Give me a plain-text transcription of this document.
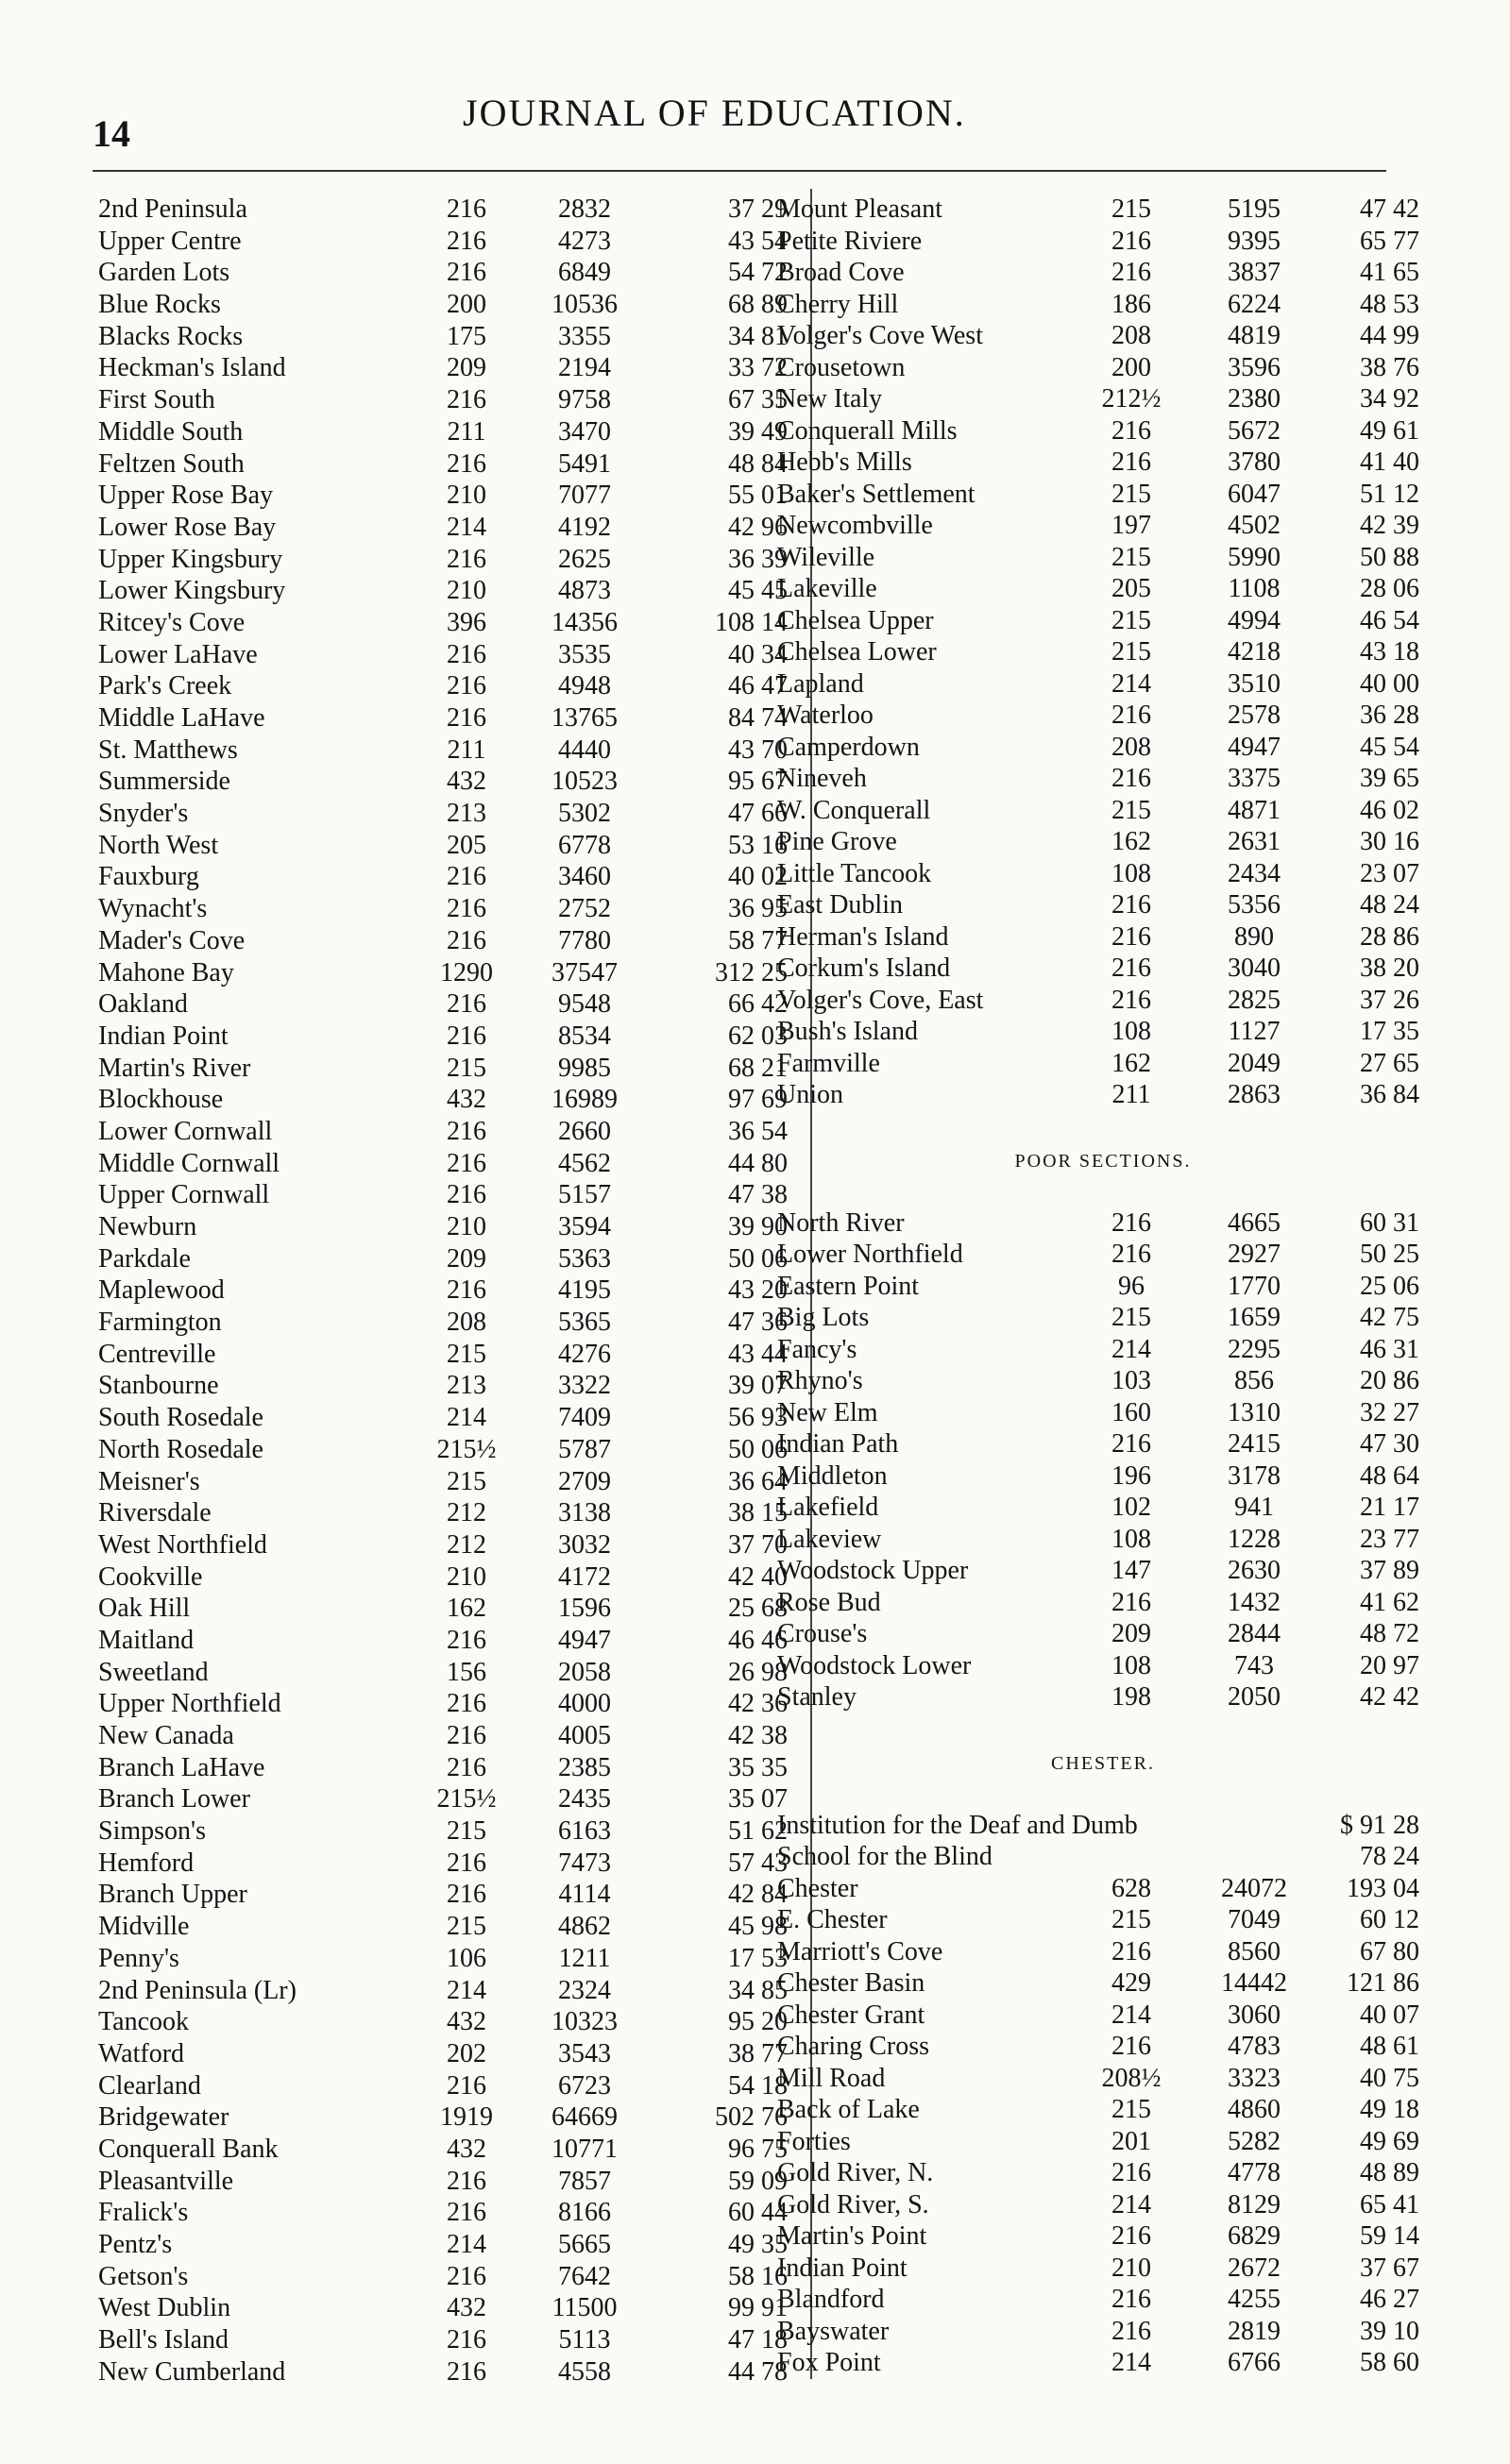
14	JOURNAL OF EDUCATION.
2nd Peninsula	216	2832	37 29
Upper Centre	216	4273	43 54
Garden Lots	216	6849	54 72
Blue Rocks	200	10536	68 89
Blacks Rocks	175	3355	34 81
Heckman's Island	209	2194	33 72
First South	216	9758	67 35
Middle South	211	3470	39 49
Feltzen South	216	5491	48 84
Upper Rose Bay	210	7077	55 01
Lower Rose Bay	214	4192	42 96
Upper Kingsbury	216	2625	36 39
Lower Kingsbury	210	4873	45 45
Ritcey's Cove	396	14356	108 14
Lower LaHave	216	3535	40 34
Park's Creek	216	4948	46 47
Middle LaHave	216	13765	84 74
St. Matthews	211	4440	43 70
Summerside	432	10523	95 67
Snyder's	213	5302	47 66
North West	205	6778	53 16
Fauxburg	216	3460	40 02
Wynacht's	216	2752	36 95
Mader's Cove	216	7780	58 77
Mahone Bay	1290	37547	312 25
Oakland	216	9548	66 42
Indian Point	216	8534	62 03
Martin's River	215	9985	68 21
Blockhouse	432	16989	97 69
Lower Cornwall	216	2660	36 54
Middle Cornwall	216	4562	44 80
Upper Cornwall	216	5157	47 38
Newburn	210	3594	39 90
Parkdale	209	5363	50 06
Maplewood	216	4195	43 20
Farmington	208	5365	47 36
Centreville	215	4276	43 44
Stanbourne	213	3322	39 07
South Rosedale	214	7409	56 93
North Rosedale	215½	5787	50 06
Meisner's	215	2709	36 64
Riversdale	212	3138	38 15
West Northfield	212	3032	37 70
Cookville	210	4172	42 40
Oak Hill	162	1596	25 68
Maitland	216	4947	46 46
Sweetland	156	2058	26 98
Upper Northfield	216	4000	42 36
New Canada	216	4005	42 38
Branch LaHave	216	2385	35 35
Branch Lower	215½	2435	35 07
Simpson's	215	6163	51 62
Hemford	216	7473	57 43
Branch Upper	216	4114	42 84
Midville	215	4862	45 98
Penny's	106	1211	17 53
2nd Peninsula (Lr)	214	2324	34 85
Tancook	432	10323	95 20
Watford	202	3543	38 77
Clearland	216	6723	54 18
Bridgewater	1919	64669	502 76
Conquerall Bank	432	10771	96 75
Pleasantville	216	7857	59 09
Fralick's	216	8166	60 44
Pentz's	214	5665	49 35
Getson's	216	7642	58 16
West Dublin	432	11500	99 91
Bell's Island	216	5113	47 18
New Cumberland	216	4558	44 78
Mount Pleasant	215	5195	47 42
Petite Riviere	216	9395	65 77
Broad Cove	216	3837	41 65
Cherry Hill	186	6224	48 53
Volger's Cove West	208	4819	44 99
Crousetown	200	3596	38 76
New Italy	212½	2380	34 92
Conquerall Mills	216	5672	49 61
Hebb's Mills	216	3780	41 40
Baker's Settlement	215	6047	51 12
Newcombville	197	4502	42 39
Wileville	215	5990	50 88
Lakeville	205	1108	28 06
Chelsea Upper	215	4994	46 54
Chelsea Lower	215	4218	43 18
Lapland	214	3510	40 00
Waterloo	216	2578	36 28
Camperdown	208	4947	45 54
Nineveh	216	3375	39 65
W. Conquerall	215	4871	46 02
Pine Grove	162	2631	30 16
Little Tancook	108	2434	23 07
East Dublin	216	5356	48 24
Herman's Island	216	890	28 86
Corkum's Island	216	3040	38 20
Volger's Cove, East	216	2825	37 26
Bush's Island	108	1127	17 35
Farmville	162	2049	27 65
Union	211	2863	36 84
POOR SECTIONS.
North River	216	4665	60 31
Lower Northfield	216	2927	50 25
Eastern Point	96	1770	25 06
Big Lots	215	1659	42 75
Fancy's	214	2295	46 31
Rhyno's	103	856	20 86
New Elm	160	1310	32 27
Indian Path	216	2415	47 30
Middleton	196	3178	48 64
Lakefield	102	941	21 17
Lakeview	108	1228	23 77
Woodstock Upper	147	2630	37 89
Rose Bud	216	1432	41 62
Crouse's	209	2844	48 72
Woodstock Lower	108	743	20 97
Stanley	198	2050	42 42
CHESTER.
Institution for the Deaf and Dumb	$ 91 28
School for the Blind	78 24
Chester	628	24072	193 04
E. Chester	215	7049	60 12
Marriott's Cove	216	8560	67 80
Chester Basin	429	14442	121 86
Chester Grant	214	3060	40 07
Charing Cross	216	4783	48 61
Mill Road	208½	3323	40 75
Back of Lake	215	4860	49 18
Forties	201	5282	49 69
Gold River, N.	216	4778	48 89
Gold River, S.	214	8129	65 41
Martin's Point	216	6829	59 14
Indian Point	210	2672	37 67
Blandford	216	4255	46 27
Bayswater	216	2819	39 10
Fox Point	214	6766	58 60
